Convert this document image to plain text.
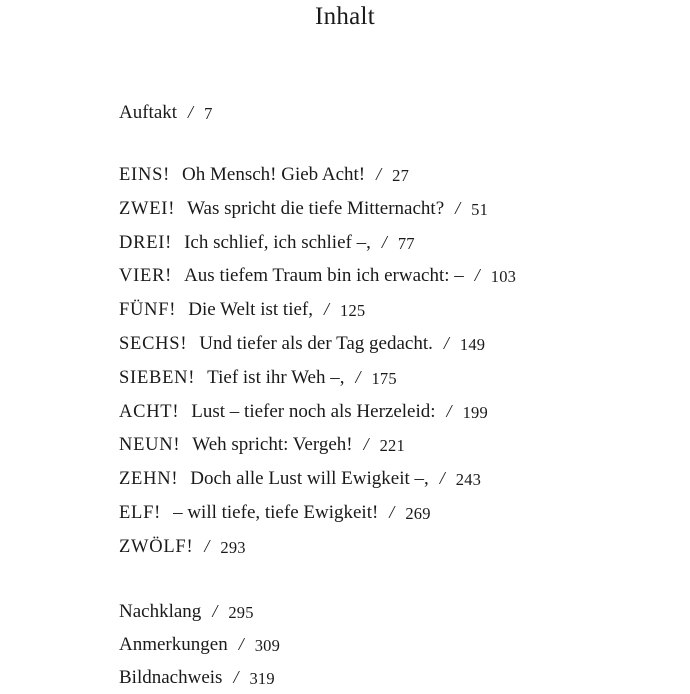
Inhalt
Auftakt / 7
EINS! Oh Mensch! Gieb Acht! / 27
ZWEI! Was spricht die tiefe Mitternacht? / 51
DREI! Ich schlief, ich schlief –, / 77
VIER! Aus tiefem Traum bin ich erwacht: – / 103
FÜNF! Die Welt ist tief, / 125
SECHS! Und tiefer als der Tag gedacht. / 149
SIEBEN! Tief ist ihr Weh –, / 175
ACHT! Lust – tiefer noch als Herzeleid: / 199
NEUN! Weh spricht: Vergeh! / 221
ZEHN! Doch alle Lust will Ewigkeit –, / 243
ELF! – will tiefe, tiefe Ewigkeit! / 269
ZWÖLF! / 293
Nachklang / 295
Anmerkungen / 309
Bildnachweis / 319
